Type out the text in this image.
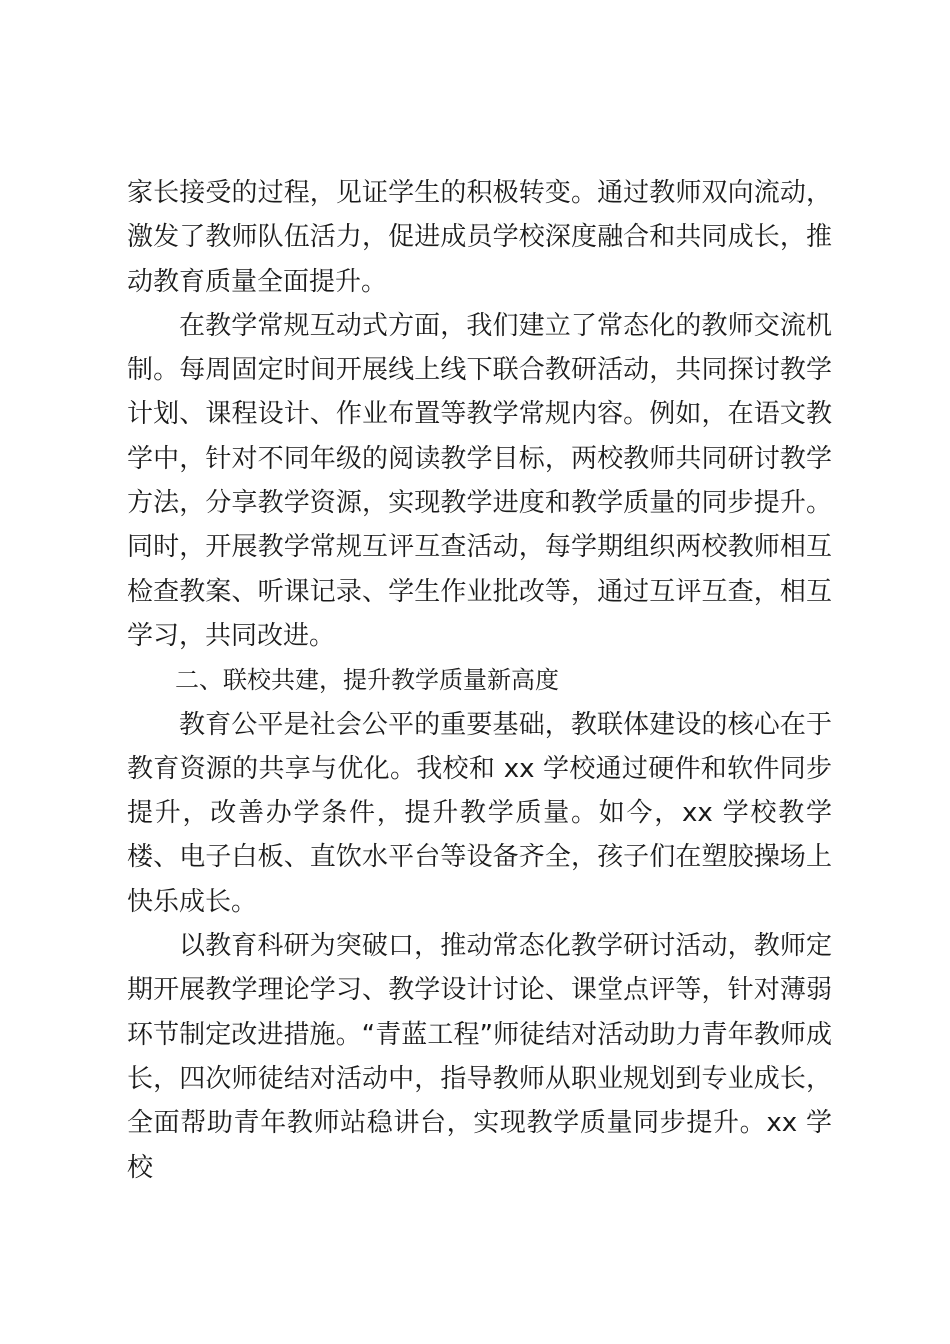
家长接受的过程，见证学生的积极转变。通过教师双向流动，激发了教师队伍活力，促进成员学校深度融合和共同成长，推动教育质量全面提升。

在教学常规互动式方面，我们建立了常态化的教师交流机制。每周固定时间开展线上线下联合教研活动，共同探讨教学计划、课程设计、作业布置等教学常规内容。例如，在语文教学中，针对不同年级的阅读教学目标，两校教师共同研讨教学方法，分享教学资源，实现教学进度和教学质量的同步提升。同时，开展教学常规互评互查活动，每学期组织两校教师相互检查教案、听课记录、学生作业批改等，通过互评互查，相互学习，共同改进。

二、联校共建，提升教学质量新高度

教育公平是社会公平的重要基础，教联体建设的核心在于教育资源的共享与优化。我校和 xx 学校通过硬件和软件同步提升，改善办学条件，提升教学质量。如今，xx 学校教学楼、电子白板、直饮水平台等设备齐全，孩子们在塑胶操场上快乐成长。

以教育科研为突破口，推动常态化教学研讨活动，教师定期开展教学理论学习、教学设计讨论、课堂点评等，针对薄弱环节制定改进措施。“青蓝工程”师徒结对活动助力青年教师成长，四次师徒结对活动中，指导教师从职业规划到专业成长，全面帮助青年教师站稳讲台，实现教学质量同步提升。xx 学校
